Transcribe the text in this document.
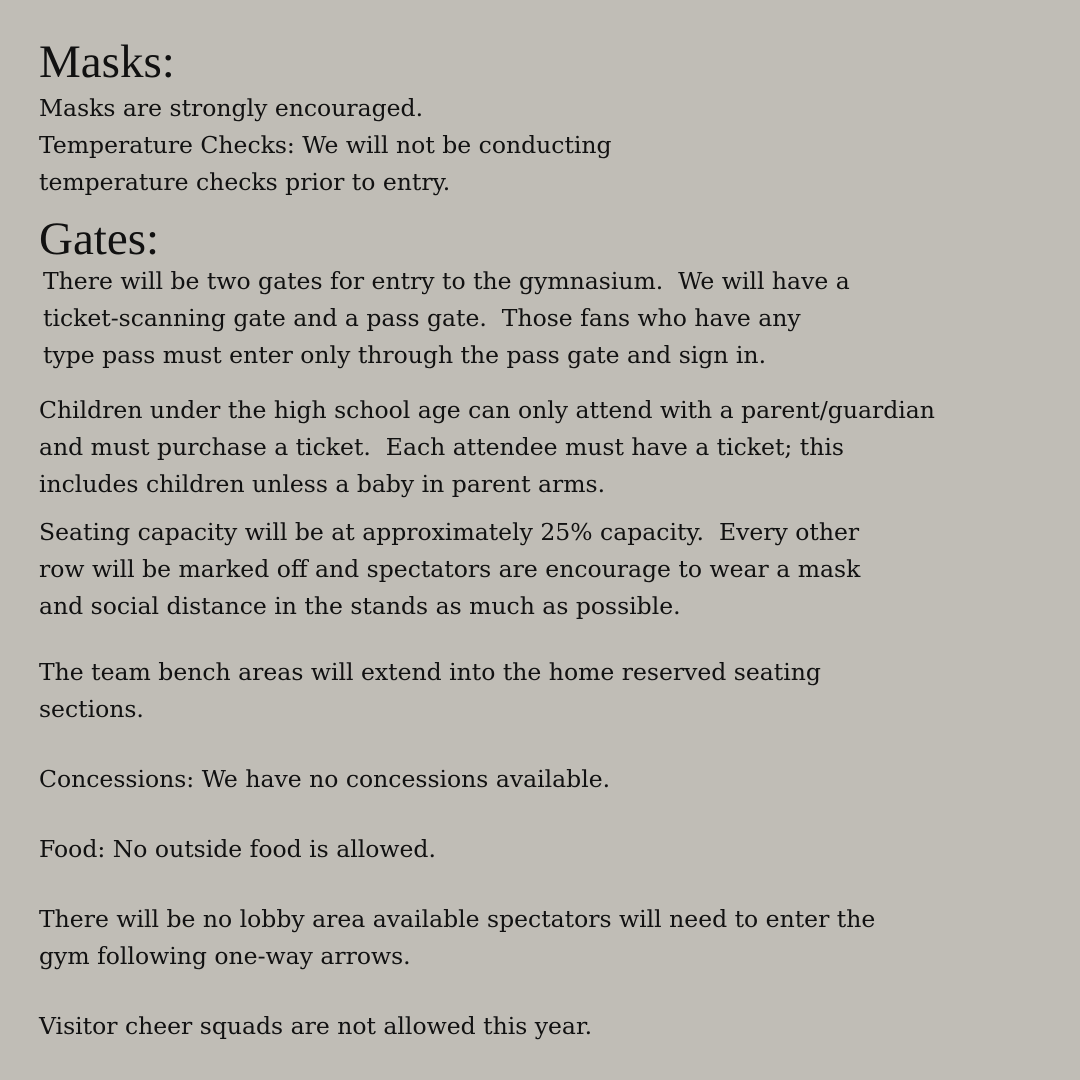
Masks:
Masks are strongly encouraged.
Temperature Checks: We will not be conducting
temperature checks prior to entry.
Gates:
There will be two gates for entry to the gymnasium.  We will have a
ticket-scanning gate and a pass gate.  Those fans who have any
type pass must enter only through the pass gate and sign in.
Children under the high school age can only attend with a parent/guardian
and must purchase a ticket.  Each attendee must have a ticket; this
includes children unless a baby in parent arms.
Seating capacity will be at approximately 25% capacity.  Every other
row will be marked off and spectators are encourage to wear a mask
and social distance in the stands as much as possible.
The team bench areas will extend into the home reserved seating
sections.
Concessions: We have no concessions available.
Food: No outside food is allowed.
There will be no lobby area available spectators will need to enter the
gym following one-way arrows.
Visitor cheer squads are not allowed this year.
